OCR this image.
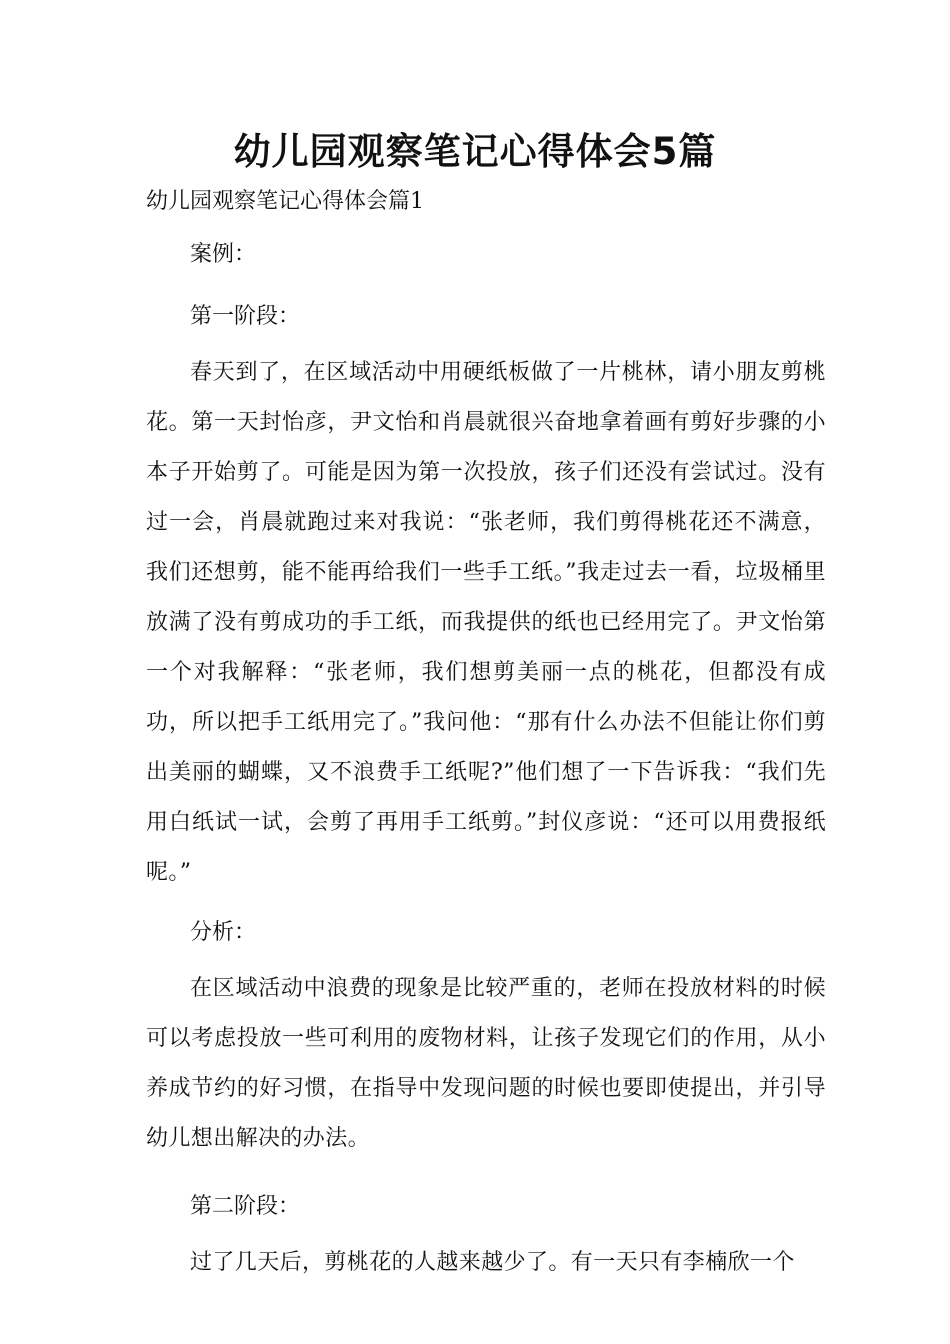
幼儿园观察笔记心得体会5篇

幼儿园观察笔记心得体会篇1

案例：

第一阶段：

春天到了，在区域活动中用硬纸板做了一片桃林，请小朋友剪桃花。第一天封怡彦，尹文怡和肖晨就很兴奋地拿着画有剪好步骤的小本子开始剪了。可能是因为第一次投放，孩子们还没有尝试过。没有过一会，肖晨就跑过来对我说：“张老师，我们剪得桃花还不满意，我们还想剪，能不能再给我们一些手工纸。”我走过去一看，垃圾桶里放满了没有剪成功的手工纸，而我提供的纸也已经用完了。尹文怡第一个对我解释：“张老师，我们想剪美丽一点的桃花，但都没有成功，所以把手工纸用完了。”我问他：“那有什么办法不但能让你们剪出美丽的蝴蝶，又不浪费手工纸呢?”他们想了一下告诉我：“我们先用白纸试一试，会剪了再用手工纸剪。”封仪彦说：“还可以用费报纸呢。”

分析：

在区域活动中浪费的现象是比较严重的，老师在投放材料的时候可以考虑投放一些可利用的废物材料，让孩子发现它们的作用，从小养成节约的好习惯，在指导中发现问题的时候也要即使提出，并引导幼儿想出解决的办法。

第二阶段：

过了几天后，剪桃花的人越来越少了。有一天只有李楠欣一个
